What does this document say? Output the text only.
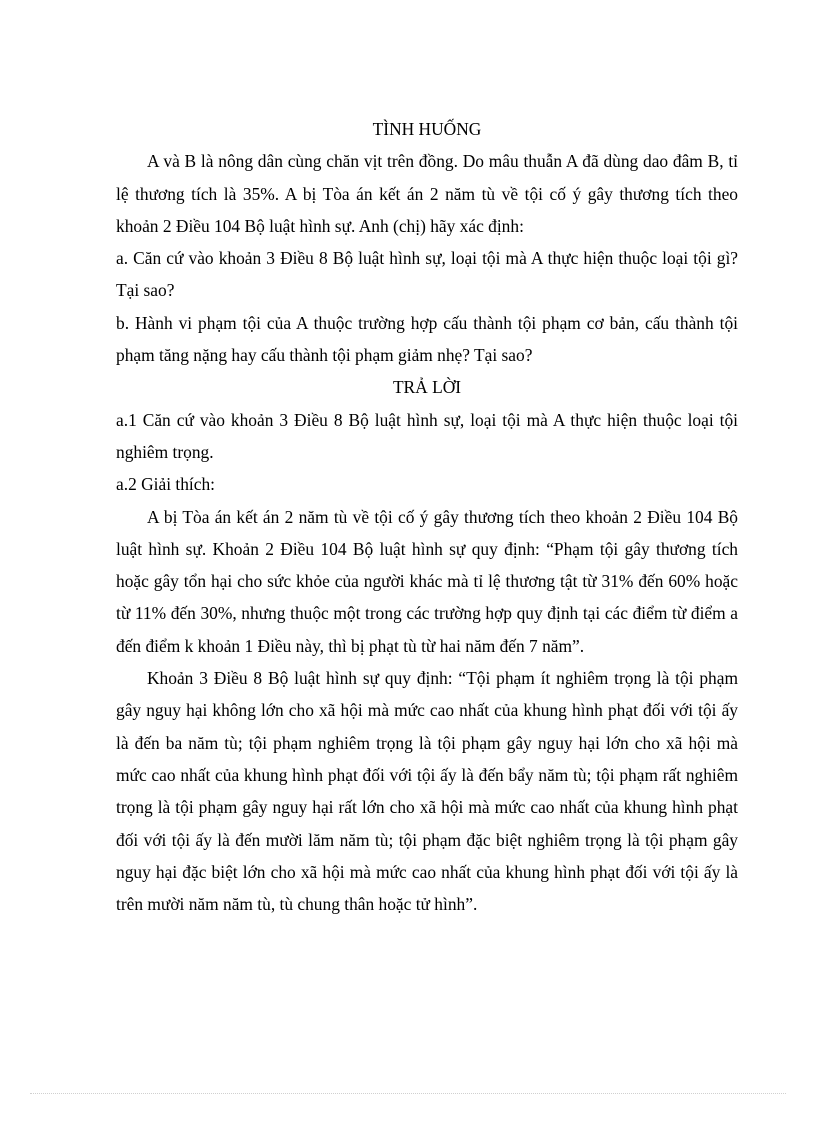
TÌNH HUỐNG

A và B là nông dân cùng chăn vịt trên đồng. Do mâu thuẫn A đã dùng dao đâm B, tỉ lệ thương tích là 35%. A bị Tòa án kết án 2 năm tù về tội cố ý gây thương tích theo khoản 2 Điều 104 Bộ luật hình sự. Anh (chị) hãy xác định:

a. Căn cứ vào khoản 3 Điều 8 Bộ luật hình sự, loại tội mà A thực hiện thuộc loại tội gì? Tại sao?

b. Hành vi phạm tội của A thuộc trường hợp cấu thành tội phạm cơ bản, cấu thành tội phạm tăng nặng hay cấu thành tội phạm giảm nhẹ? Tại sao?

TRẢ LỜI

a.1 Căn cứ vào khoản 3 Điều 8 Bộ luật hình sự, loại tội mà A thực hiện thuộc loại tội nghiêm trọng.

a.2 Giải thích:

A bị Tòa án kết án 2 năm tù về tội cố ý gây thương tích theo khoản 2 Điều 104 Bộ luật hình sự. Khoản 2 Điều 104 Bộ luật hình sự quy định: “Phạm tội gây thương tích hoặc gây tổn hại cho sức khỏe của người khác mà tỉ lệ thương tật từ 31% đến 60% hoặc từ 11% đến 30%, nhưng thuộc một trong các trường hợp quy định tại các điểm từ điểm a đến điểm k khoản 1 Điều này, thì bị phạt tù từ hai năm đến 7 năm”.

Khoản 3 Điều 8 Bộ luật hình sự quy định: “Tội phạm ít nghiêm trọng là tội phạm gây nguy hại không lớn cho xã hội mà mức cao nhất của khung hình phạt đối với tội ấy là đến ba năm tù; tội phạm nghiêm trọng là tội phạm gây nguy hại lớn cho xã hội mà mức cao nhất của khung hình phạt đối với tội ấy là đến bẩy năm tù; tội phạm rất nghiêm trọng là tội phạm gây nguy hại rất lớn cho xã hội mà mức cao nhất của khung hình phạt đối với tội ấy là đến mười lăm năm tù; tội phạm đặc biệt nghiêm trọng là tội phạm gây nguy hại đặc biệt lớn cho xã hội mà mức cao nhất của khung hình phạt đối với tội ấy là trên mười năm năm tù, tù chung thân hoặc tử hình”.
